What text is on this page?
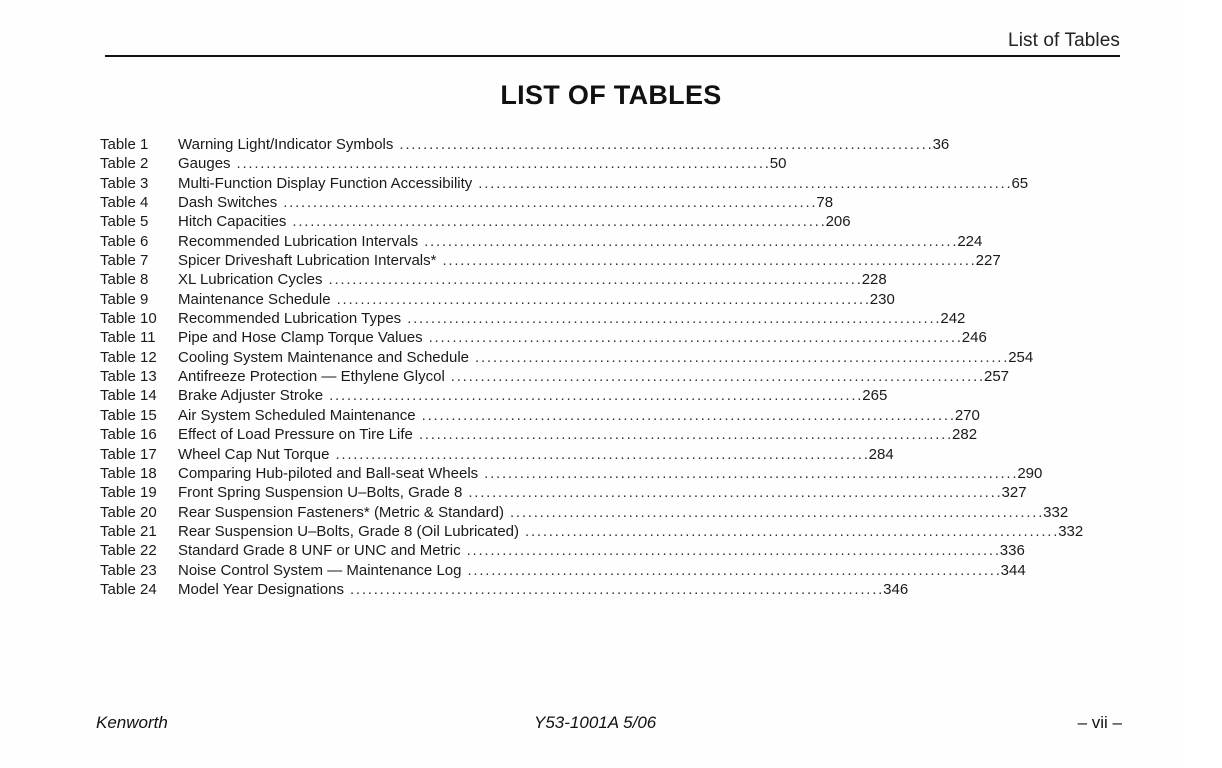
List of Tables
LIST OF TABLES
Table 1	Warning Light/Indicator Symbols . . .	36
Table 2	Gauges . . .	50
Table 3	Multi-Function Display Function Accessibility . . .	65
Table 4	Dash Switches . . .	78
Table 5	Hitch Capacities . . .	206
Table 6	Recommended Lubrication Intervals . . .	224
Table 7	Spicer Driveshaft Lubrication Intervals* . . .	227
Table 8	XL Lubrication Cycles . . .	228
Table 9	Maintenance Schedule . . .	230
Table 10	Recommended Lubrication Types . . .	242
Table 11	Pipe and Hose Clamp Torque Values . . .	246
Table 12	Cooling System Maintenance and Schedule . . .	254
Table 13	Antifreeze Protection — Ethylene Glycol . . .	257
Table 14	Brake Adjuster Stroke . . .	265
Table 15	Air System Scheduled Maintenance . . .	270
Table 16	Effect of Load Pressure on Tire Life . . .	282
Table 17	Wheel Cap Nut Torque . . .	284
Table 18	Comparing Hub-piloted and Ball-seat Wheels . . .	290
Table 19	Front Spring Suspension U–Bolts, Grade 8 . . .	327
Table 20	Rear Suspension Fasteners* (Metric & Standard) . . .	332
Table 21	Rear Suspension U–Bolts, Grade 8 (Oil Lubricated) . . .	332
Table 22	Standard Grade 8 UNF or UNC and Metric . . .	336
Table 23	Noise Control System — Maintenance Log . . .	344
Table 24	Model Year Designations . . .	346
Kenworth	Y53-1001A 5/06	– vii –
